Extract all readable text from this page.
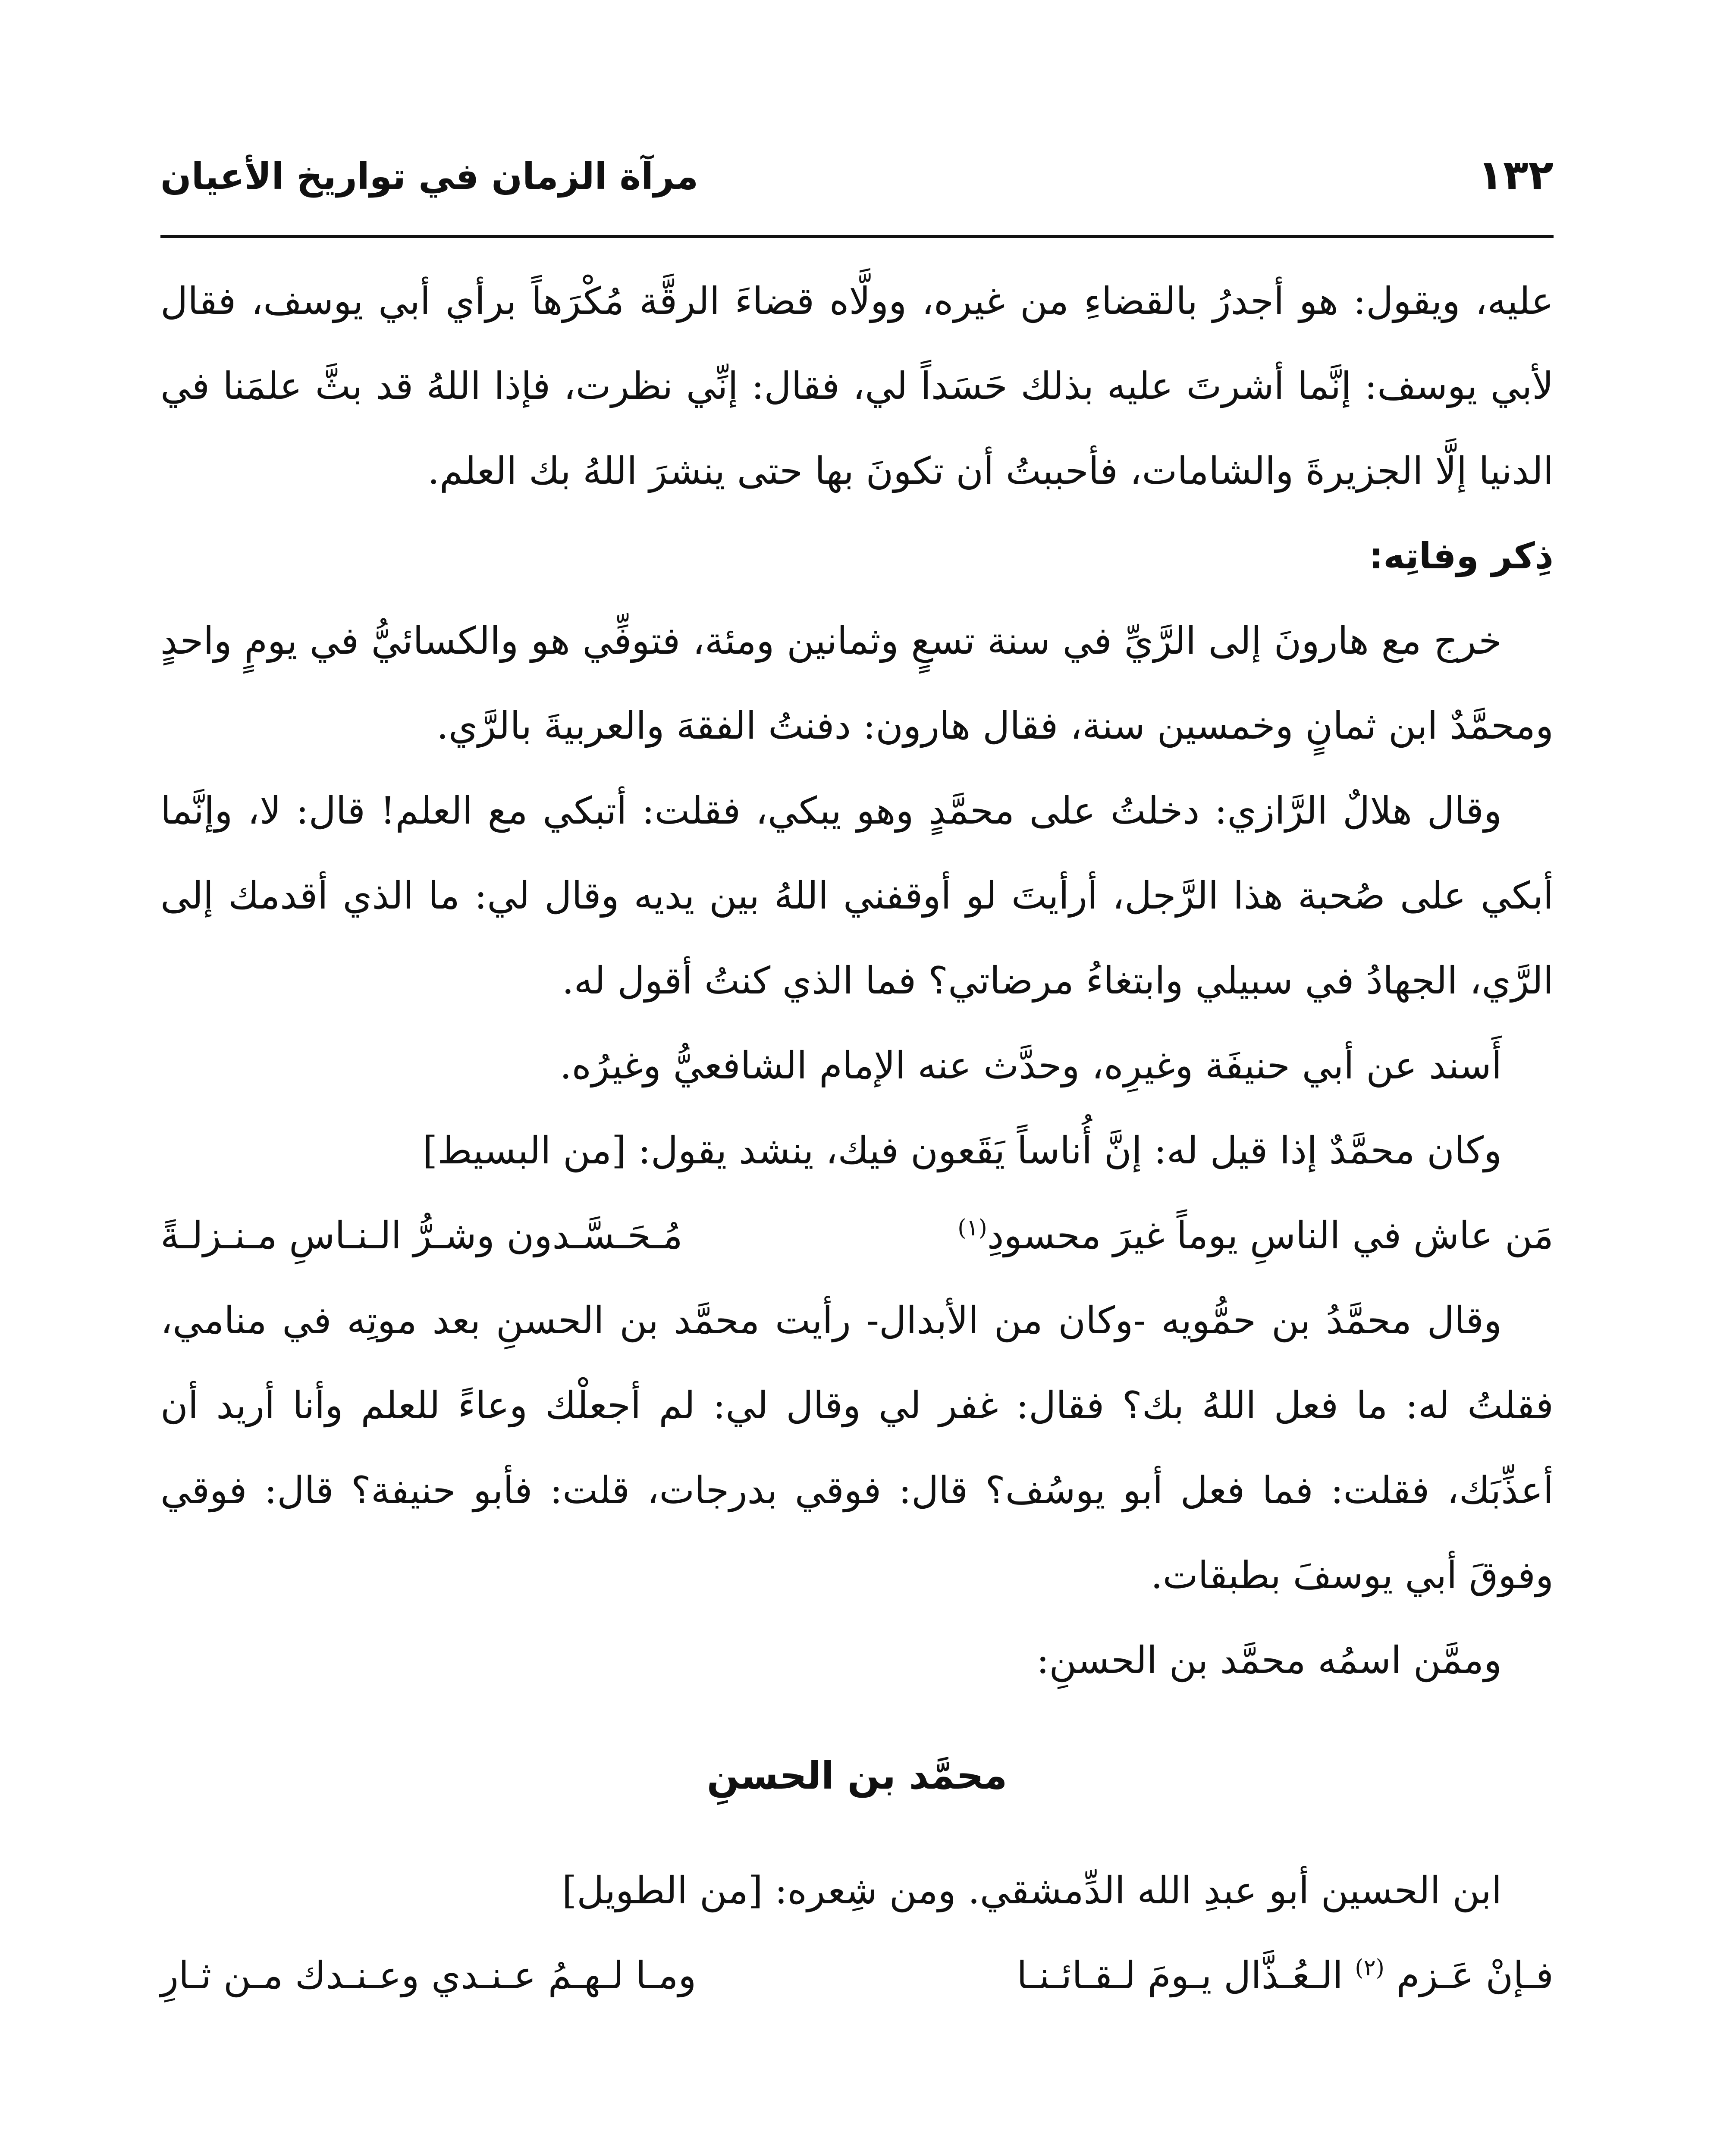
١٣٢
مرآة الزمان في تواريخ الأعيان

عليه، ويقول: هو أجدرُ بالقضاءِ من غيره، وولَّاه قضاءَ الرقَّة مُكْرَهاً برأي أبي يوسف، فقال لأبي يوسف: إنَّما أشرتَ عليه بذلك حَسَداً لي، فقال: إنِّي نظرت، فإذا اللهُ قد بثَّ علمَنا في الدنيا إلَّا الجزيرةَ والشامات، فأحببتُ أن تكونَ بها حتى ينشرَ اللهُ بك العلم.

ذِكر وفاتِه:

خرج مع هارونَ إلى الرَّيِّ في سنة تسعٍ وثمانين ومئة، فتوفِّي هو والكسائيُّ في يومٍ واحدٍ ومحمَّدٌ ابن ثمانٍ وخمسين سنة، فقال هارون: دفنتُ الفقهَ والعربيةَ بالرَّي.

وقال هلالٌ الرَّازي: دخلتُ على محمَّدٍ وهو يبكي، فقلت: أتبكي مع العلم! قال: لا، وإنَّما أبكي على صُحبة هذا الرَّجل، أرأيتَ لو أوقفني اللهُ بين يديه وقال لي: ما الذي أقدمك إلى الرَّي، الجهادُ في سبيلي وابتغاءُ مرضاتي؟ فما الذي كنتُ أقول له.

أَسند عن أبي حنيفَة وغيرِه، وحدَّث عنه الإمام الشافعيُّ وغيرُه.

وكان محمَّدٌ إذا قيل له: إنَّ أُناساً يَقَعون فيك، ينشد يقول: [من البسيط]

مَن عاش في الناسِ يوماً غيرَ محسودِ$^{(١)}$
مُـحَـسَّـدون وشـرُّ الـنـاسِ مـنـزلـةً

وقال محمَّدُ بن حمُّويه -وكان من الأبدال- رأيت محمَّد بن الحسنِ بعد موتِه في منامي، فقلتُ له: ما فعل اللهُ بك؟ فقال: غفر لي وقال لي: لم أجعلْك وعاءً للعلم وأنا أريد أن أعذِّبَك، فقلت: فما فعل أبو يوسُف؟ قال: فوقي بدرجات، قلت: فأبو حنيفة؟ قال: فوقي وفوقَ أبي يوسفَ بطبقات.

وممَّن اسمُه محمَّد بن الحسنِ:

محمَّد بن الحسنِ

ابن الحسين أبو عبدِ الله الدِّمشقي. ومن شِعره: [من الطويل]

فـإنْ عَـزم $^{(٢)}$ الـعُـذَّال يـومَ لـقـائـنـا
ومـا لـهـمُ عـنـدي وعـنـدك مـن ثـارِ
